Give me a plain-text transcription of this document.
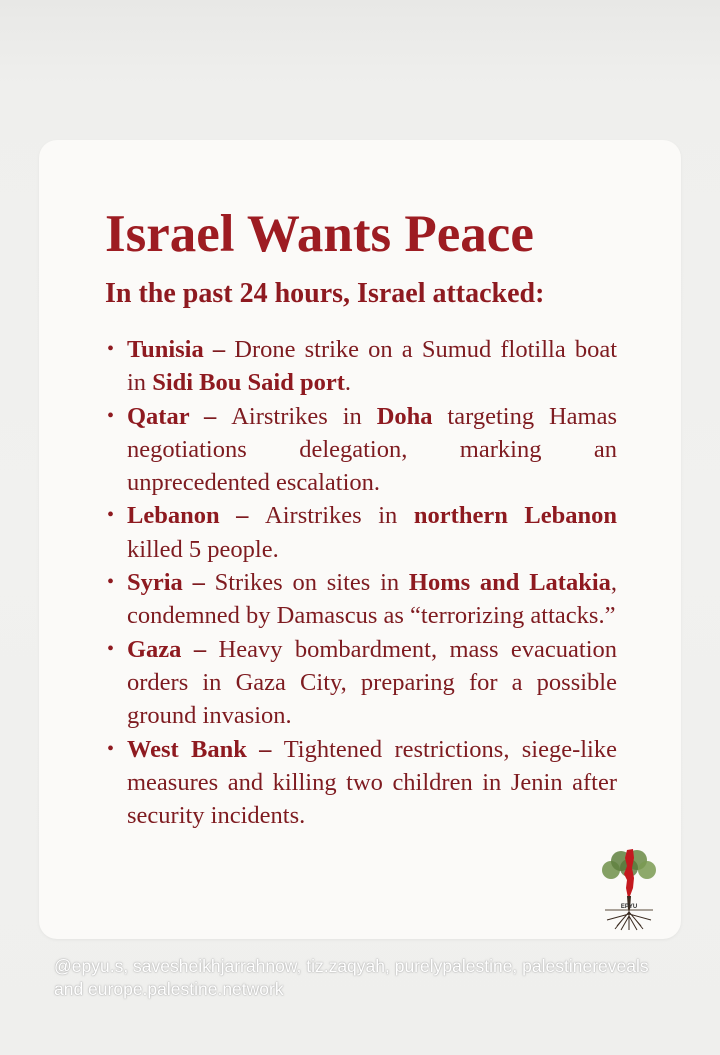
Israel Wants Peace
In the past 24 hours, Israel attacked:
• Tunisia – Drone strike on a Sumud flotilla boat in Sidi Bou Said port.
• Qatar – Airstrikes in Doha targeting Hamas negotiations delegation, marking an unprecedented escalation.
• Lebanon – Airstrikes in northern Lebanon killed 5 people.
• Syria – Strikes on sites in Homs and Latakia, condemned by Damascus as “terrorizing attacks.”
• Gaza – Heavy bombardment, mass evacuation orders in Gaza City, preparing for a possible ground invasion.
• West Bank – Tightened restrictions, siege-like measures and killing two children in Jenin after security incidents.
EPYU

@epyu.s, savesheikhjarrahnow, tiz.zaqyah, purelypalestine, palestinereveals and europe.palestine.network
